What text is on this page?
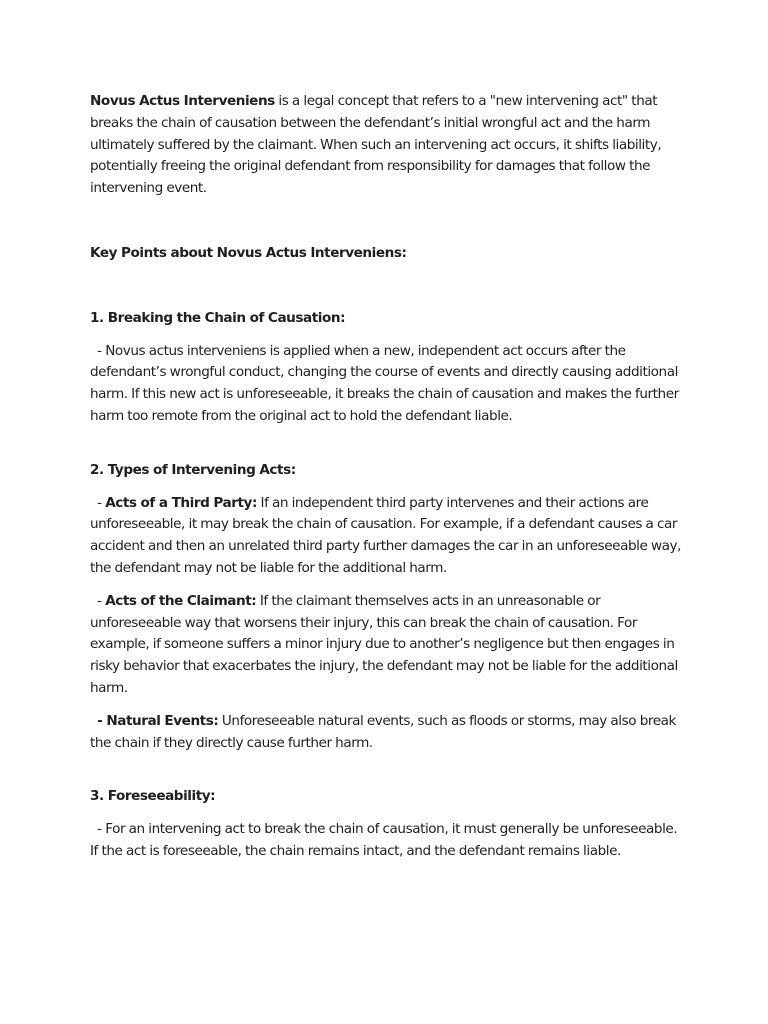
Novus Actus Interveniens is a legal concept that refers to a "new intervening act" that breaks the chain of causation between the defendant’s initial wrongful act and the harm ultimately suffered by the claimant. When such an intervening act occurs, it shifts liability, potentially freeing the original defendant from responsibility for damages that follow the intervening event.

Key Points about Novus Actus Interveniens:

1. Breaking the Chain of Causation:

- Novus actus interveniens is applied when a new, independent act occurs after the defendant’s wrongful conduct, changing the course of events and directly causing additional harm. If this new act is unforeseeable, it breaks the chain of causation and makes the further harm too remote from the original act to hold the defendant liable.

2. Types of Intervening Acts:

- Acts of a Third Party: If an independent third party intervenes and their actions are unforeseeable, it may break the chain of causation. For example, if a defendant causes a car accident and then an unrelated third party further damages the car in an unforeseeable way, the defendant may not be liable for the additional harm.

- Acts of the Claimant: If the claimant themselves acts in an unreasonable or unforeseeable way that worsens their injury, this can break the chain of causation. For example, if someone suffers a minor injury due to another’s negligence but then engages in risky behavior that exacerbates the injury, the defendant may not be liable for the additional harm.

- Natural Events: Unforeseeable natural events, such as floods or storms, may also break the chain if they directly cause further harm.

3. Foreseeability:

- For an intervening act to break the chain of causation, it must generally be unforeseeable. If the act is foreseeable, the chain remains intact, and the defendant remains liable.
